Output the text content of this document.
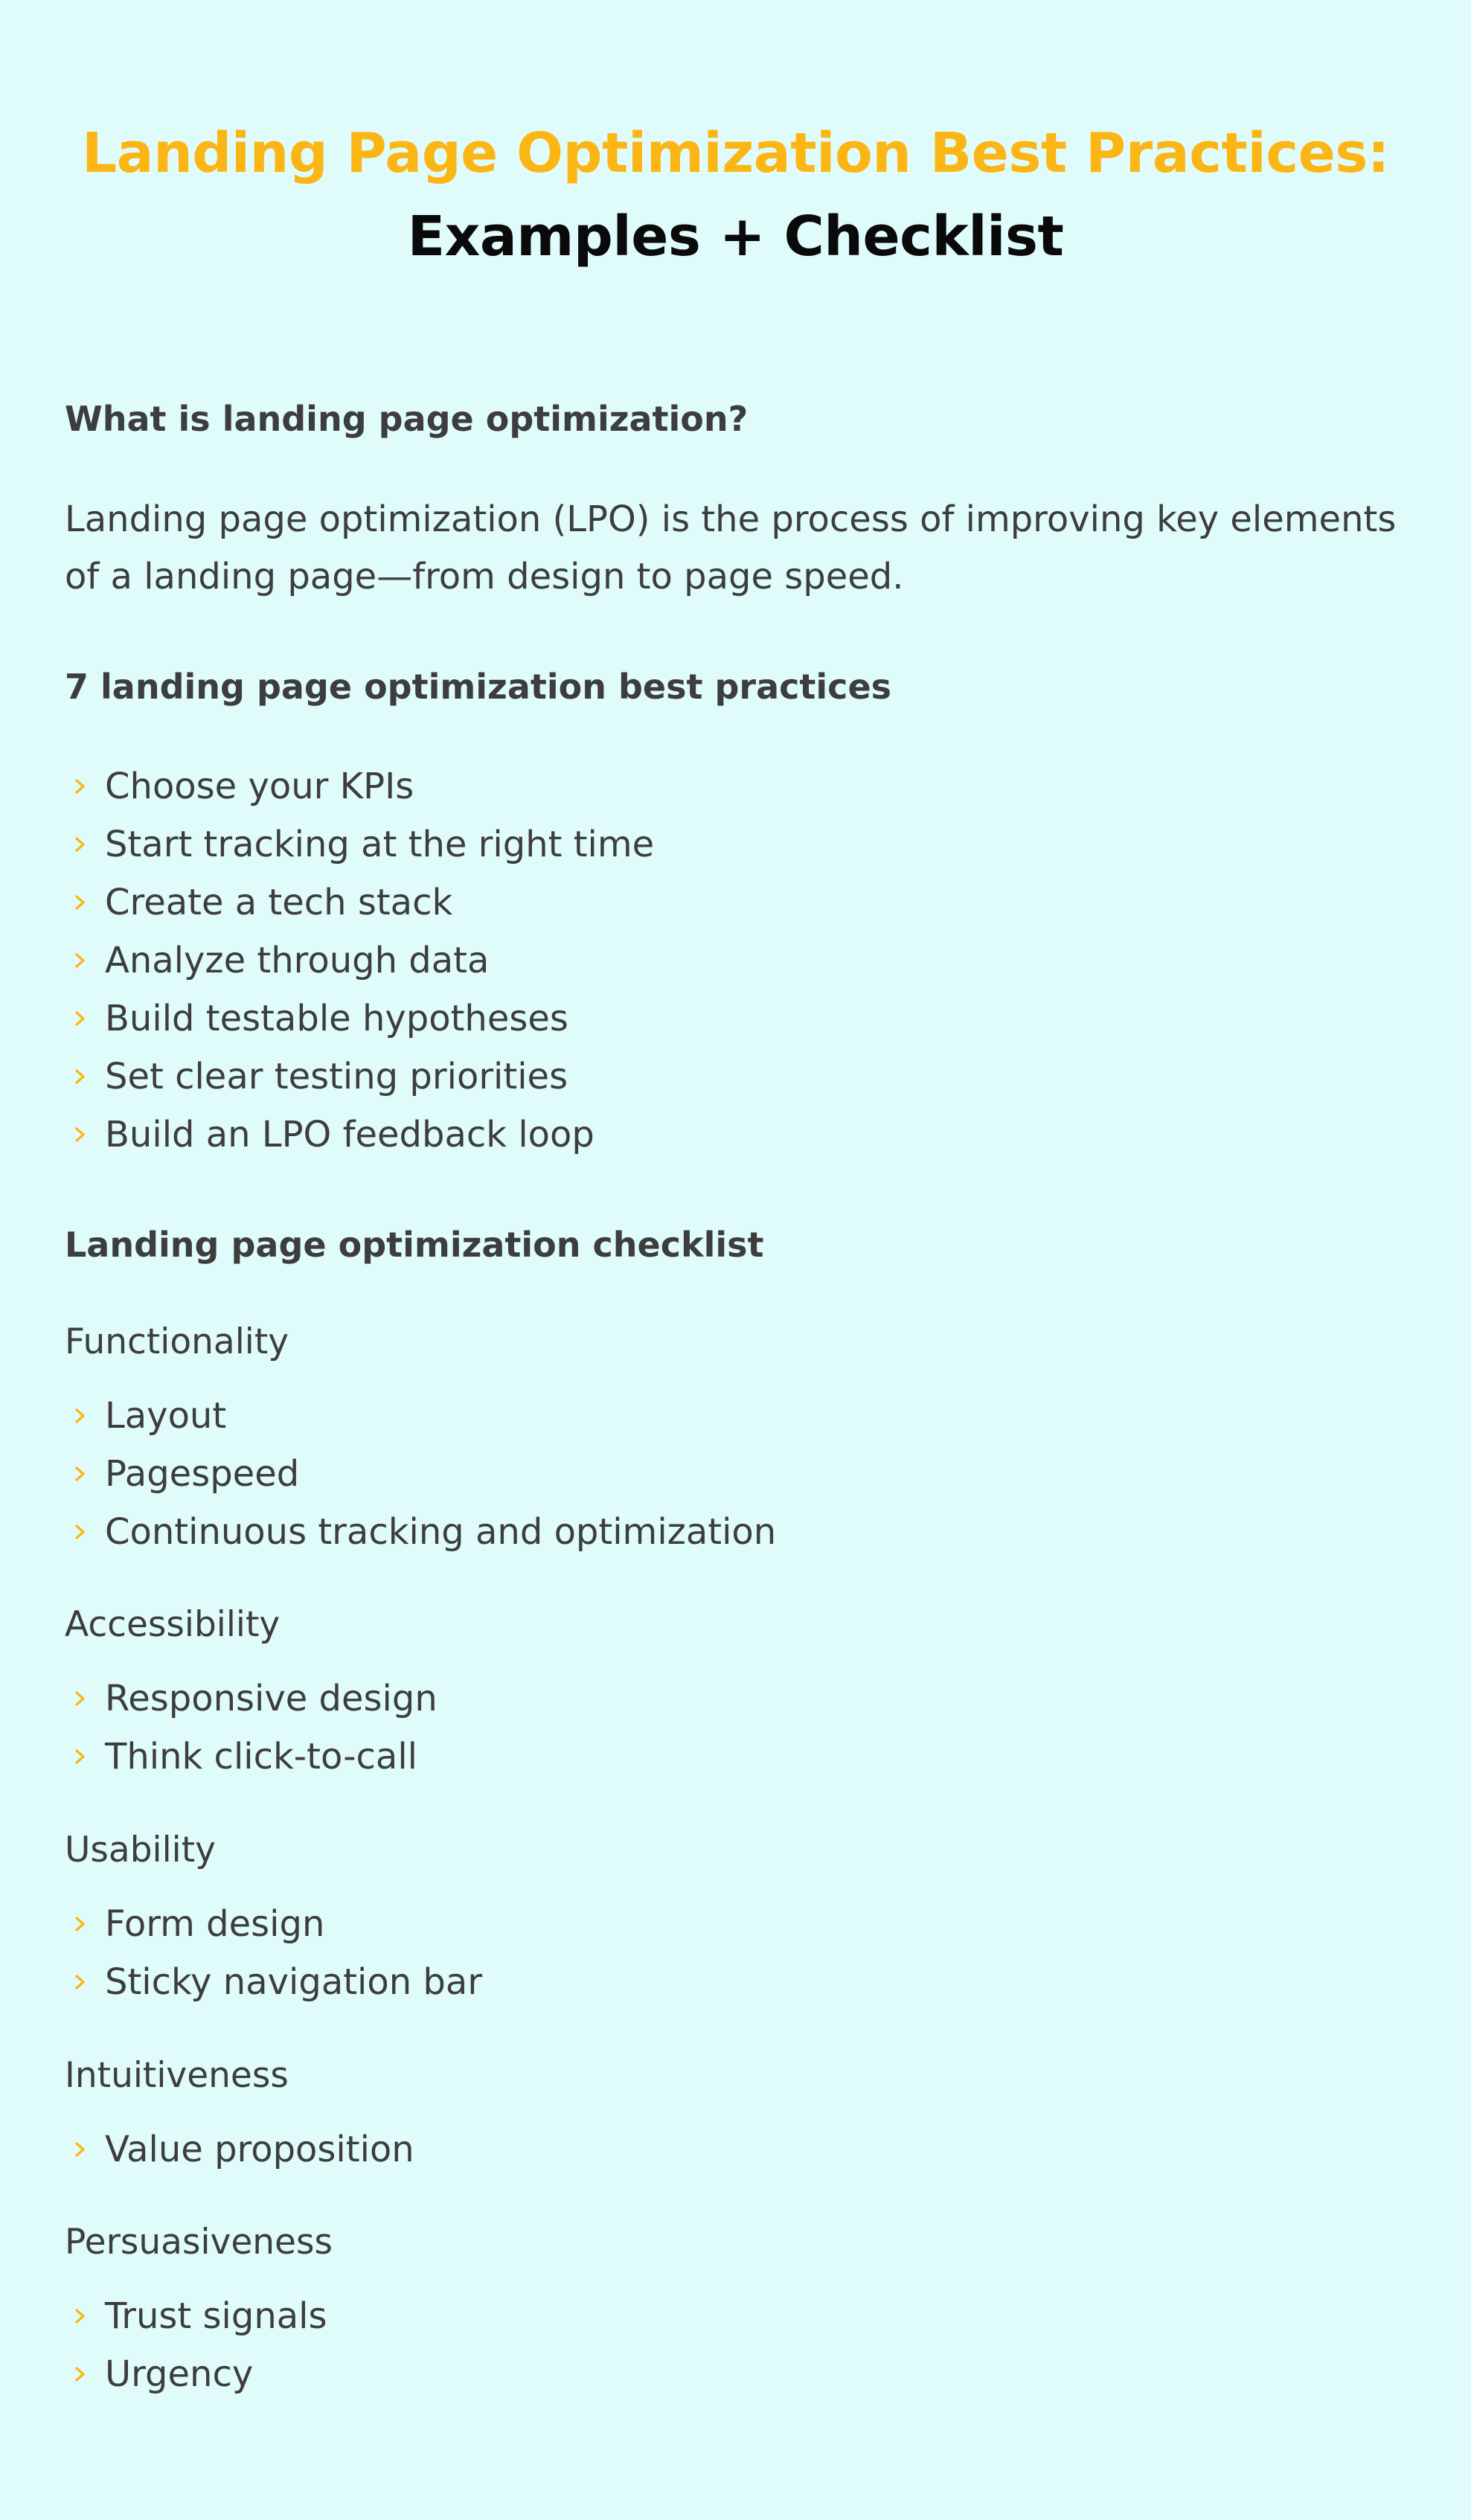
Landing Page Optimization Best Practices:
Examples + Checklist
What is landing page optimization?
Landing page optimization (LPO) is the process of improving key elements of a landing page—from design to page speed.
7 landing page optimization best practices
Choose your KPIs
Start tracking at the right time
Create a tech stack
Analyze through data
Build testable hypotheses
Set clear testing priorities
Build an LPO feedback loop
Landing page optimization checklist
Functionality
Layout
Pagespeed
Continuous tracking and optimization
Accessibility
Responsive design
Think click-to-call
Usability
Form design
Sticky navigation bar
Intuitiveness
Value proposition
Persuasiveness
Trust signals
Urgency
